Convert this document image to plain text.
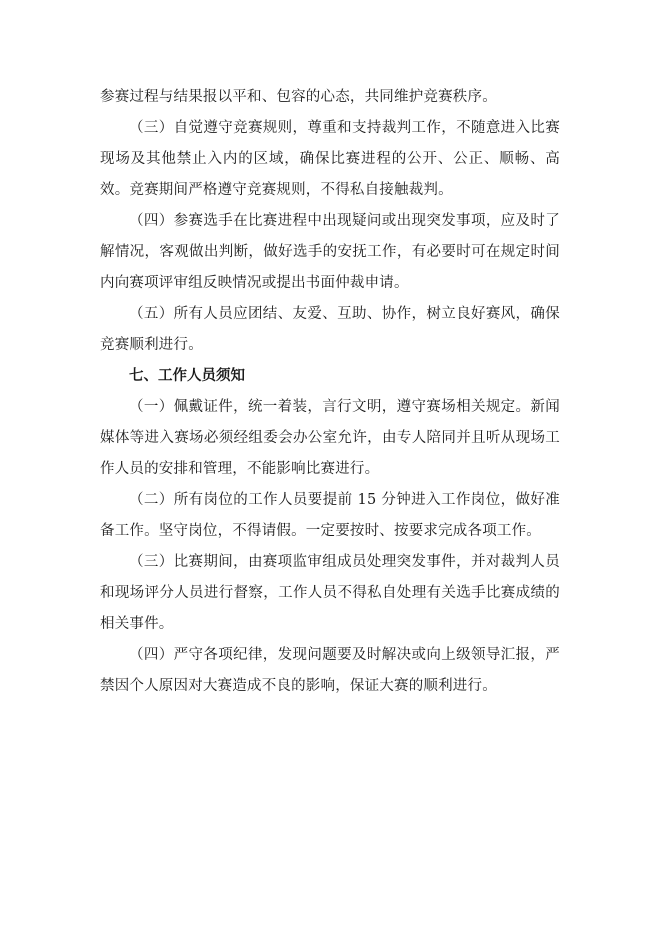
参赛过程与结果报以平和、包容的心态，共同维护竞赛秩序。

（三）自觉遵守竞赛规则，尊重和支持裁判工作，不随意进入比赛现场及其他禁止入内的区域，确保比赛进程的公开、公正、顺畅、高效。竞赛期间严格遵守竞赛规则，不得私自接触裁判。

（四）参赛选手在比赛进程中出现疑问或出现突发事项，应及时了解情况，客观做出判断，做好选手的安抚工作，有必要时可在规定时间内向赛项评审组反映情况或提出书面仲裁申请。

（五）所有人员应团结、友爱、互助、协作，树立良好赛风，确保竞赛顺利进行。

七、工作人员须知

（一）佩戴证件，统一着装，言行文明，遵守赛场相关规定。新闻媒体等进入赛场必须经组委会办公室允许，由专人陪同并且听从现场工作人员的安排和管理，不能影响比赛进行。

（二）所有岗位的工作人员要提前 15 分钟进入工作岗位，做好准备工作。坚守岗位，不得请假。一定要按时、按要求完成各项工作。

（三）比赛期间，由赛项监审组成员处理突发事件，并对裁判人员和现场评分人员进行督察，工作人员不得私自处理有关选手比赛成绩的相关事件。

（四）严守各项纪律，发现问题要及时解决或向上级领导汇报，严禁因个人原因对大赛造成不良的影响，保证大赛的顺利进行。
